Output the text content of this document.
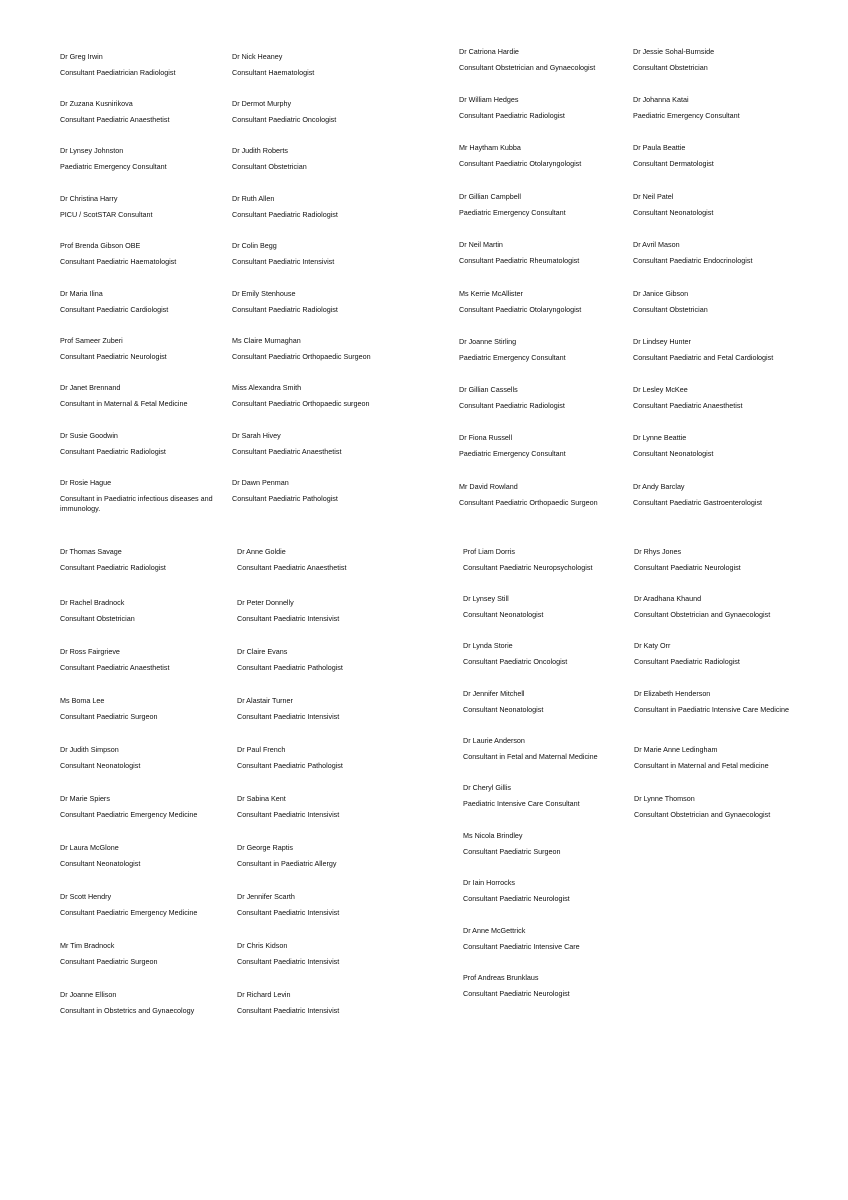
Dr Greg Irwin
Consultant Paediatrician Radiologist
Dr Zuzana Kusnirikova
Consultant Paediatric Anaesthetist
Dr Lynsey Johnston
Paediatric Emergency Consultant
Dr Christina Harry
PICU / ScotSTAR Consultant
Prof Brenda Gibson OBE
Consultant Paediatric Haematologist
Dr Maria Ilina
Consultant Paediatric Cardiologist
Prof Sameer Zuberi
Consultant Paediatric Neurologist
Dr Janet Brennand
Consultant in Maternal & Fetal Medicine
Dr Susie Goodwin
Consultant Paediatric Radiologist
Dr Rosie Hague
Consultant in Paediatric infectious diseases and immunology.
Dr Nick Heaney
Consultant Haematologist
Dr Dermot Murphy
Consultant Paediatric Oncologist
Dr Judith Roberts
Consultant Obstetrician
Dr Ruth Allen
Consultant Paediatric Radiologist
Dr Colin Begg
Consultant Paediatric Intensivist
Dr Emily Stenhouse
Consultant Paediatric Radiologist
Ms Claire Murnaghan
Consultant Paediatric Orthopaedic Surgeon
Miss Alexandra Smith
Consultant Paediatric Orthopaedic surgeon
Dr Sarah Hivey
Consultant Paediatric Anaesthetist
Dr Dawn Penman
Consultant Paediatric Pathologist
Dr Catriona Hardie
Consultant Obstetrician and Gynaecologist
Dr William Hedges
Consultant Paediatric Radiologist
Mr Haytham Kubba
Consultant Paediatric Otolaryngologist
Dr Gillian Campbell
Paediatric Emergency Consultant
Dr Neil Martin
Consultant Paediatric Rheumatologist
Ms Kerrie McAllister
Consultant Paediatric Otolaryngologist
Dr Joanne Stirling
Paediatric Emergency Consultant
Dr Gillian Cassells
Consultant Paediatric Radiologist
Dr Fiona Russell
Paediatric Emergency Consultant
Mr David Rowland
Consultant Paediatric Orthopaedic Surgeon
Dr Jessie Sohal-Burnside
Consultant Obstetrician
Dr Johanna Katai
Paediatric Emergency Consultant
Dr Paula Beattie
Consultant Dermatologist
Dr Neil Patel
Consultant Neonatologist
Dr Avril Mason
Consultant Paediatric Endocrinologist
Dr Janice Gibson
Consultant Obstetrician
Dr Lindsey Hunter
Consultant Paediatric and Fetal Cardiologist
Dr Lesley McKee
Consultant Paediatric Anaesthetist
Dr Lynne Beattie
Consultant Neonatologist
Dr Andy Barclay
Consultant Paediatric Gastroenterologist
Dr Thomas Savage
Consultant Paediatric Radiologist
Dr Rachel Bradnock
Consultant Obstetrician
Dr Ross Fairgrieve
Consultant Paediatric Anaesthetist
Ms Boma Lee
Consultant Paediatric Surgeon
Dr Judith Simpson
Consultant Neonatologist
Dr Marie Spiers
Consultant Paediatric Emergency Medicine
Dr Laura McGlone
Consultant Neonatologist
Dr Scott Hendry
Consultant Paediatric Emergency Medicine
Mr Tim Bradnock
Consultant Paediatric Surgeon
Dr Joanne Ellison
Consultant in Obstetrics and Gynaecology
Dr Anne Goldie
Consultant Paediatric Anaesthetist
Dr Peter Donnelly
Consultant Paediatric Intensivist
Dr Claire Evans
Consultant Paediatric Pathologist
Dr Alastair Turner
Consultant Paediatric Intensivist
Dr Paul French
Consultant Paediatric Pathologist
Dr Sabina Kent
Consultant Paediatric Intensivist
Dr George Raptis
Consultant in Paediatric Allergy
Dr Jennifer Scarth
Consultant Paediatric Intensivist
Dr Chris Kidson
Consultant Paediatric Intensivist
Dr Richard Levin
Consultant Paediatric Intensivist
Prof Liam Dorris
Consultant Paediatric Neuropsychologist
Dr Lynsey Still
Consultant Neonatologist
Dr Lynda Storie
Consultant Paediatric Oncologist
Dr Jennifer Mitchell
Consultant Neonatologist
Dr Laurie Anderson
Consultant in Fetal and Maternal Medicine
Dr Cheryl Gillis
Paediatric Intensive Care Consultant
Ms Nicola Brindley
Consultant Paediatric Surgeon
Dr Iain Horrocks
Consultant Paediatric Neurologist
Dr Anne McGettrick
Consultant Paediatric Intensive Care
Prof Andreas Brunklaus
Consultant Paediatric Neurologist
Dr Rhys Jones
Consultant Paediatric Neurologist
Dr Aradhana Khaund
Consultant Obstetrician and Gynaecologist
Dr Katy Orr
Consultant Paediatric Radiologist
Dr Elizabeth Henderson
Consultant in Paediatric Intensive Care Medicine
Dr Marie Anne Ledingham
Consultant in Maternal and Fetal medicine
Dr Lynne Thomson
Consultant Obstetrician and Gynaecologist
